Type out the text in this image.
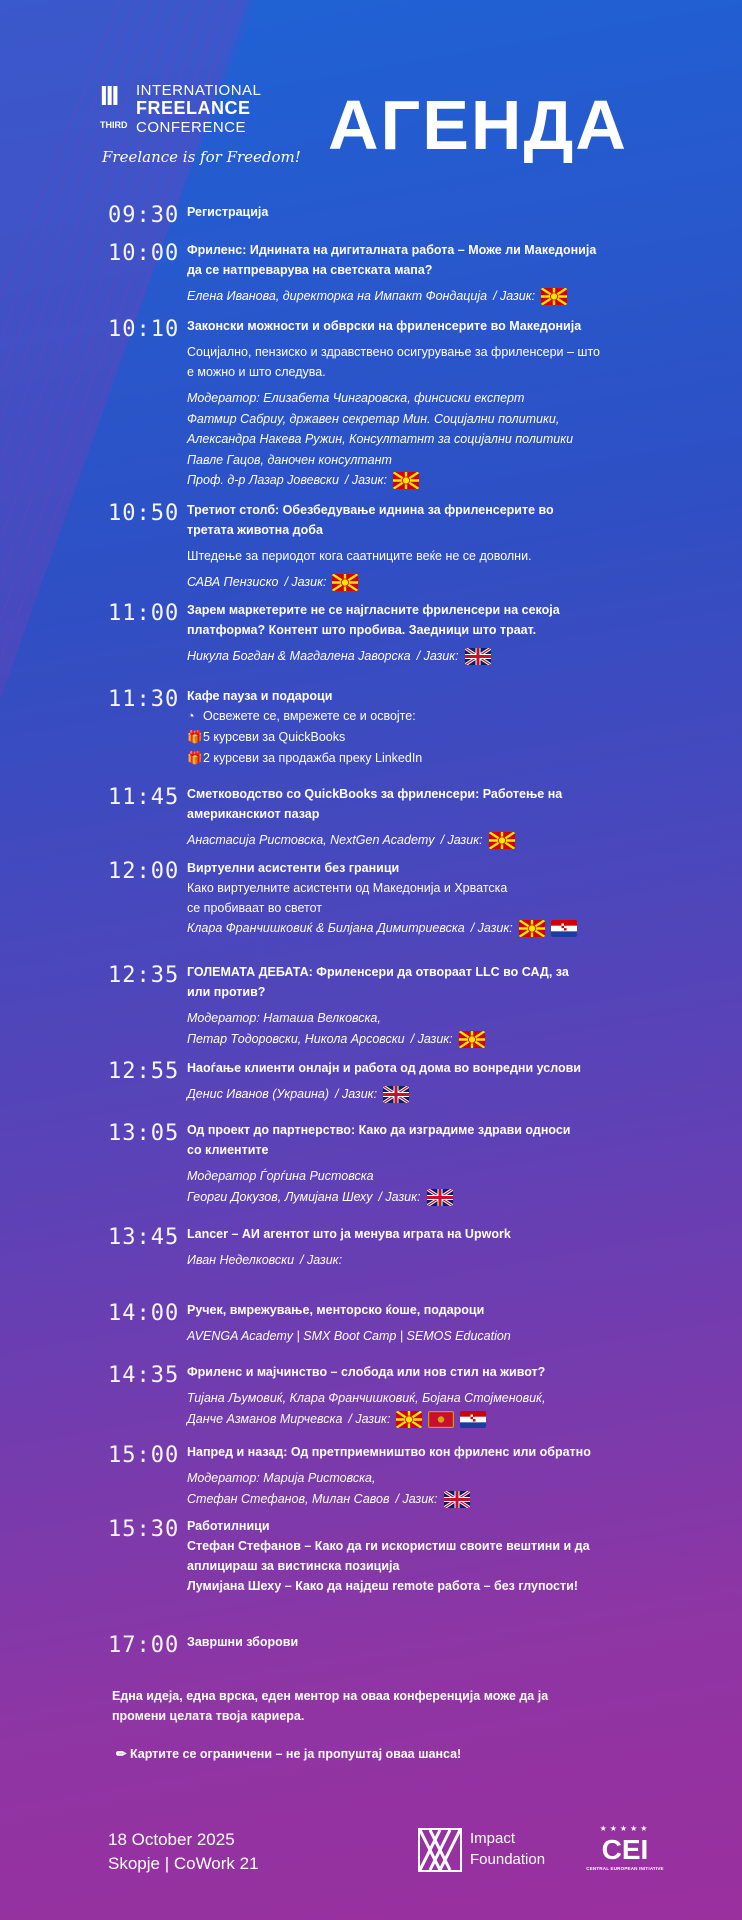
III
THIRD
INTERNATIONAL
FREELANCE
CONFERENCE
Freelance is for Freedom! АГЕНДА
09:30 Регистрација
10:00 Фриленс: Иднината на дигиталната работа – Може ли Македонија
да се натпреварува на светската мапа?
Елена Иванова, директорка на Импакт Фондација / Јазик:
10:10 Законски можности и обврски на фриленсерите во Македонија
Социјално, пензиско и здравствено осигурување за фриленсери – што
е можно и што следува.
Модератор: Елизабета Чингаровска, финсиски експерт
Фатмир Сабриу, државен секретар Мин. Социјални политики,
Александра Накева Ружин, Консултатнт за социјални политики
Павле Гацов, даночен консултант
Проф. д-р Лазар Јовевски / Јазик:
10:50 Третиот столб: Обезбедување иднина за фриленсерите во
третата животна доба
Штедење за периодот кога саатниците веќе не се доволни.
САВА Пензиско / Јазик:
11:00 Зарем маркетерите не се најгласните фриленсери на секоја
платформа? Контент што пробива. Заедници што траат.
Никула Богдан & Магдалена Јаворска / Јазик:
11:30 Кафе пауза и подароци
◔ Освежете се, вмрежете се и освојте:
🎁5 курсеви за QuickBooks
🎁2 курсеви за продажба преку LinkedIn
11:45 Сметководство со QuickBooks за фриленсери: Работење на
американскиот пазар
Анастасија Ристовска, NextGen Academy / Јазик:
12:00 Виртуелни асистенти без граници
Како виртуелните асистенти од Македонија и Хрватска
се пробиваат во светот
Клара Франчишковиќ & Билјана Димитриевска / Јазик:
12:35 ГОЛЕМАТА ДЕБАТА: Фриленсери да отвораат LLC во САД, за
или против?
Модератор: Наташа Велковска,
Петар Тодоровски, Никола Арсовски / Јазик:
12:55 Наоѓање клиенти онлајн и работа од дома во вонредни услови
Денис Иванов (Украина) / Јазик:
13:05 Од проект до партнерство: Како да изградиме здрави односи
со клиентите
Модератор Ѓорѓина Ристовска
Георги Докузов, Лумијана Шеху / Јазик:
13:45 Lancer – АИ агентот што ја менува играта на Upwork
Иван Неделковски / Јазик:
14:00 Ручек, вмрежување, менторско ќоше, подароци
AVENGA Academy | SMX Boot Camp | SEMOS Education
14:35 Фриленс и мајчинство – слобода или нов стил на живот?
Тијана Љумовиќ, Клара Франчишковиќ, Бојана Стојменовиќ,
Данче Азманов Мирчевска / Јазик:
15:00 Напред и назад: Од претприемништво кон фриленс или обратно
Модератор: Марија Ристовска,
Стефан Стефанов, Милан Савов / Јазик:
15:30 Работилници
Стефан Стефанов – Како да ги искористиш своите вештини и да
аплицираш за вистинска позиција
Лумијана Шеху – Како да најдеш remote работа – без глупости!
17:00 Завршни зборови
Една идеја, една врска, еден ментор на оваа конференција може да ја
промени целата твоја кариера.
✏ Картите се ограничени – не ја пропуштај оваа шанса!
18 October 2025
Skopje | CoWork 21
Impact
Foundation
★★★★★
CEI
CENTRAL EUROPEAN INITIATIVE
